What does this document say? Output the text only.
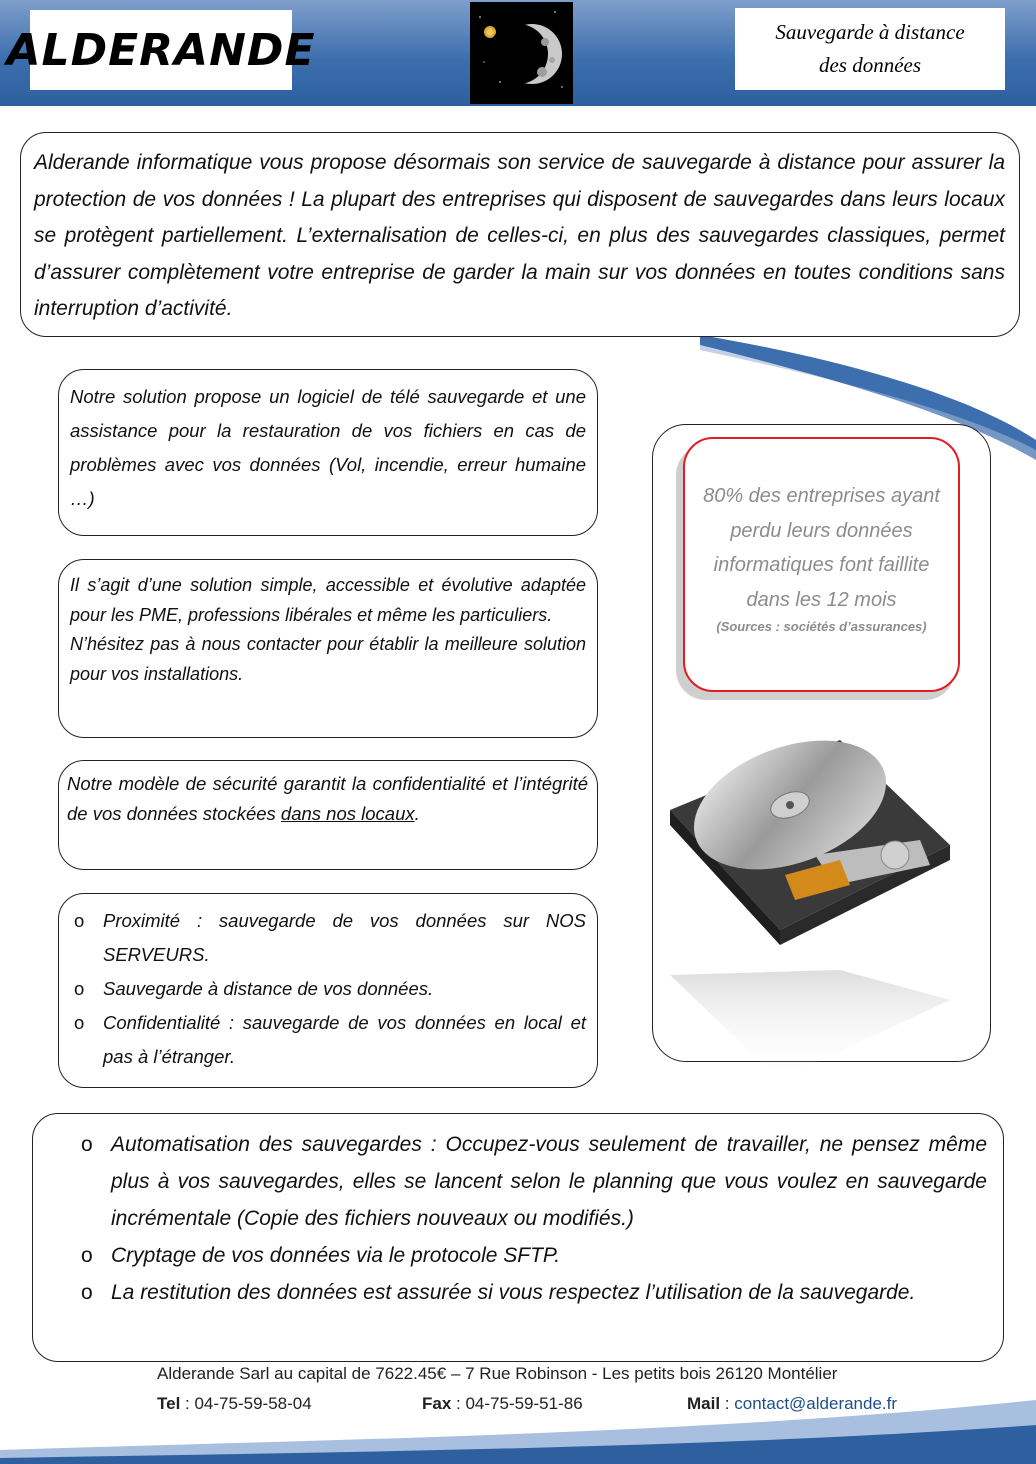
ALDERANDE	Sauvegarde à distance
des données

Alderande informatique vous propose désormais son service de sauvegarde à distance pour assurer la protection de vos données ! La plupart des entreprises qui disposent de sauvegardes dans leurs locaux se protègent partiellement. L’externalisation de celles-ci, en plus des sauvegardes classiques, permet d’assurer complètement votre entreprise de garder la main sur vos données en toutes conditions sans interruption d’activité.

Notre solution propose un logiciel de télé sauvegarde et une assistance pour la restauration de vos fichiers en cas de problèmes avec vos données (Vol, incendie, erreur humaine …)

Il s’agit d’une solution simple, accessible et évolutive adaptée pour les PME, professions libérales et même les particuliers.

N’hésitez pas à nous contacter pour établir la meilleure solution pour vos installations.

Notre modèle de sécurité garantit la confidentialité et l’intégrité de vos données stockées dans nos locaux.

o Proximité : sauvegarde de vos données sur NOS SERVEURS.
o Sauvegarde à distance de vos données.
o Confidentialité : sauvegarde de vos données en local et pas à l’étranger.
80% des entreprises ayant perdu leurs données informatiques font faillite dans les 12 mois
(Sources : sociétés d’assurances)
o Automatisation des sauvegardes : Occupez-vous seulement de travailler, ne pensez même plus à vos sauvegardes, elles se lancent selon le planning que vous voulez en sauvegarde incrémentale (Copie des fichiers nouveaux ou modifiés.)
o Cryptage de vos données via le protocole SFTP.
o La restitution des données est assurée si vous respectez l’utilisation de la sauvegarde.
Alderande Sarl au capital de 7622.45€ – 7 Rue Robinson - Les petits bois 26120 Montélier
Tel : 04-75-59-58-04	Fax : 04-75-59-51-86	Mail : contact@alderande.fr
